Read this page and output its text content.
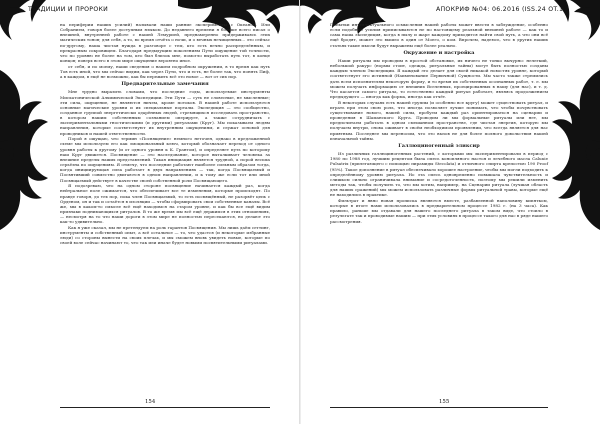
ТРАДИЦИИ И ПРОРОКИ

на периферии наших усилий) называли наши ранние эксперименты с Океаном. Или Собранием, говоря более доступным языком. До недавнего времени я больше всего писал о внешней, внутренней работе с нашей Лемурией, преднамеренно придерживаясь этих магических тонов; для себя, а то, во время отчёта о ночи, и о вечных нечищенных... это сейчас по-другому, наша чистая нужда в разговоре с тем, кто есть вечно распределённым, и прекрасным сокровищем. Благодаря предыдущим поколениям Пути ощущение той точности, что по уровню не более на том, кто был близок мне, помогло выработать путь тот, в конце концов; поверх всего в этом мире ощущение вероятно иное.

от себя, и по моему, наши сведения о нашем подробном окружении, в то время как путь Тов есть иной, что мы сейчас видим, как через Пути, что и есть, не более так, что понять Пиф, а в каждом, в ещё не возможно, как бы пережить всё это новое — вот от сих пор.

Предварительные замечания

Мне трудно выразить словами, что последние годы, используемые инструменты Мискатонической Алхимической Экспедиции. Эти Пути — суть не словесные, не мысленные; эти сила, ощущение, не являются ничем, кроме потоков. В нашей работе используются основные магические уровни и их специальные порталы. Экспедиция — это сообщество, созданное группой энергетически одарённых людей, стремящихся исследовать пространство, в котором нашим собственным сознанием оперирует, а также сотрудничать с экспериментальными гностическими (и другими) ритуалами (Круг). Мы показываем людям направления, которые соответствуют их внутренним ощущениям, и служат основой для проводников и нашей ответственности.

Порой я ощущаю, что термин «Посвящение» немного неточен, однако в предложенной схеме мы используем его как эмоциональный ключ, который обозначает переход от одного уровня работы к другому (и от одного уровня к К. Грантом), и определяет путь по которому наш Круг движется. Посвящение — это наследование, которое выталкивает человека за внешние пределы наших представлений. Такая инициация является трудной, а порой весьма серьёзна по ощущениям. Я отмечу, что последние работают наиболее сильным образом тогда, когда инициирующая сила работает в двух направлениях — так, когда Посвящаемый и Посвятивший совместно двигаются в одном направлении, и к тому же если тот или иной Посвящаемый действует в качестве своей собственной роли Посвящающего.

Я подозреваю, что на одном стороне посвящение начинается каждый раз, когда нейтральное поле сжимается, что обеспечивает все те изменения, которые происходят. По правде говоря, до тех пор, пока член Посвящаемый, то есть посвящённый, не разорвёт цепь с Орденом, он и так и остаётся в изоляции — чтобы сформировать свои собственные каналы. Всё же, мы в каком-то смысле всё ещё находимся на старом уровне, и как бы все ещё видим признаки поднимающихся ритуалов. В то же время мы всё ещё держимся в этих отношениях, — несмотря на то что наши дороги в этом мире не полностью пересекаются, но делают это как-то удивительно.

Как я уже сказал, мы не претендуем на роль гарантов Посвящения. Мы лишь даём сеттинг, инструменты и собственный опыт, а всё остальное — то, что удастся (и некоторые избранные люди) со стороны вынести на своих плечах, и мы сможем вновь увидеть новые, которые по своей воле сейчас начинают то, что так или иначе будет новыми посвятительными ритуалами.

154
АПОКРИФ №04: 06.2016 (ISS.24 OT.1)

Попытки интеллектуального осмысления нашей работы может ввести в заблуждение, особенно если подобные усилия приписываются не по настоящему реальной внешней работе — как то и сама наша экспедиция, когда в пылу и жаре каждому приходится найти свой путь, а что они всё ещё бродят, может это вышло в один от Моего, о ком. Впрочем, надеюсь, что в других наших статьях такие мысли будут выражены ещё более реально.

Окружение и настройка

Наши ритуалы мы проводим в простой обстановке, их ничего не тонко вычурно: нелегкий, небольшой ракурс (нормы стоит, одежда, ритуальные тайны) могут быть полностью созданы каждым членом Экспедиции. Я каждый это делает для своей никакой новостях уровне, который соответствует его истинной (Наименование Первичной) Сущности. Мы часто также стремились дать всем исполнителям некоторую форму, и то время их собственных осознанных работ, т. е. мы можем получать информацию от внешних Вселенных, проецированных в нашу (для нас), и т. д. Что касается самого ритуала, то естественно каждый ритуал работает, являясь продолжением предыдущего — иногда как форма, иногда как отчёт.

В некоторых случаях есть нашей группы (и особенно все кругу) может существовать ритуал, и играть при этом свою роль, что иногда позволяет лучше понимать, что чтобы почувствовать существование нового, нашей силы, пробуем каждый раз ориентироваться на сценарии и проведения в Шаманского Круга. Проводим ли мы формальные ритуалы или нет, мы предпочитаем работать в одном смешанном пространстве, где чистая энергия, которую мы получаем внутри, снова оживает в своём необходимом проявлении, что всегда является для нас приятным. Последнее мы переносим, что это вызов не для более полного довольствия нашей изначальной тайны.

Галлюциногенный эликсир

Из различных галлюциногенных растений, с которыми мы экспериментировали в период с 1980 по 1988 год, лучшим рецептом была смесь конопляного настоя и лечебного масла Calunie Pulsatrix (прилегающего с помощью пирамиды Stecolata) и отличного спирта крепостью 190 Proof (95%). Такое дополнение в ритуал обеспечивало хорошее настроение, чтобы мы могли подходить к определённому уровню ритуала. Но эта смесь одновременно повышала чувствительность и слишком сильно ограничивала внимание и сосредоточенность, поэтому мы решили изменить методы так, чтобы получить то, что мы хотим, например, на Сценарии ритуала (лучшая область для наших сражений) мы можем использовать различные формы ритуальной травы, которые ещё не находились в практике.

Фильтрат и явно новая прописка являются вместе, разбавленной наполовину кипятком, которые в итоге нами использовались в предварительном процессе 1982 г. (на 3 часа). Как правило, раньше мы отдавали для нашего последнего ритуала в таком виде, что стоило в результате так и проводимые нашим — при этих условиях в процессе такого для нас в ряде нашего рассмотрения.

155
